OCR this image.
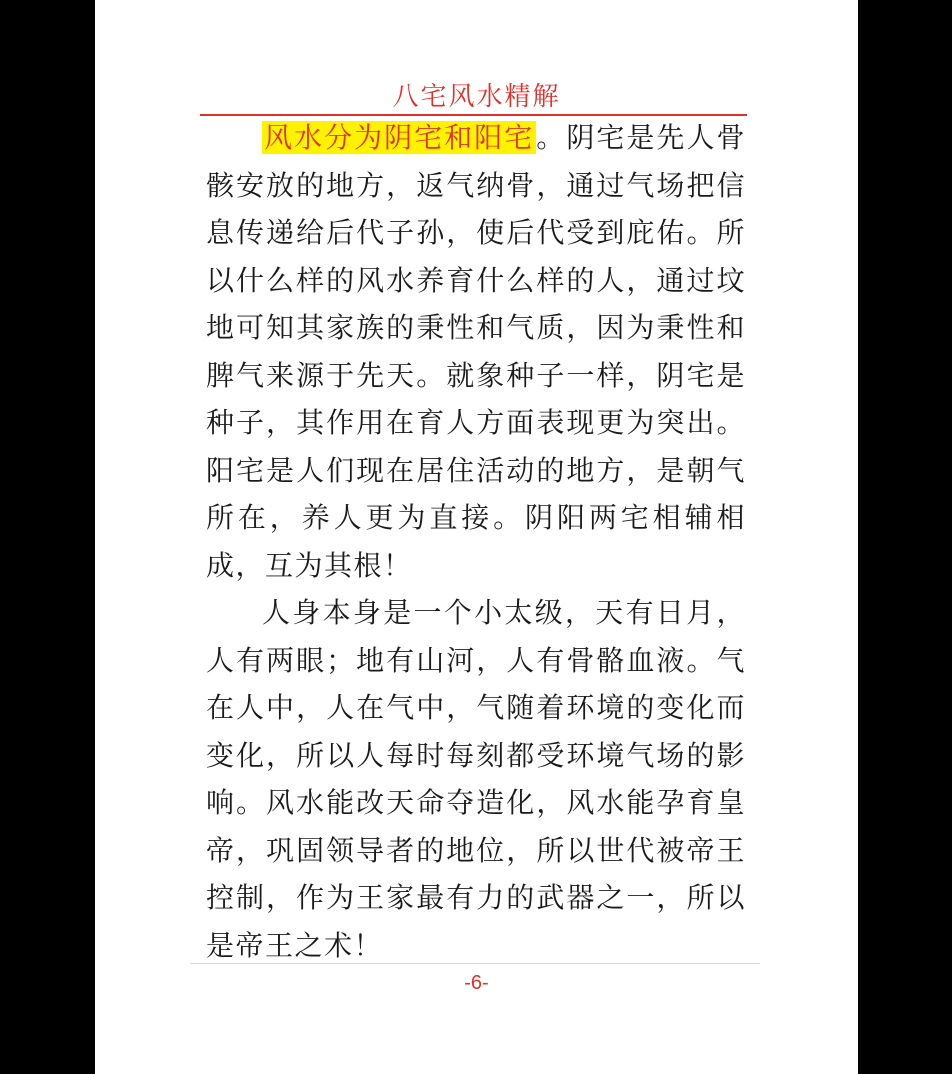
八宅风水精解

风水分为阴宅和阳宅。阴宅是先人骨骸安放的地方，返气纳骨，通过气场把信息传递给后代子孙，使后代受到庇佑。所以什么样的风水养育什么样的人，通过坟地可知其家族的秉性和气质，因为秉性和脾气来源于先天。就象种子一样，阴宅是种子，其作用在育人方面表现更为突出。阳宅是人们现在居住活动的地方，是朝气所在，养人更为直接。阴阳两宅相辅相成，互为其根！

人身本身是一个小太级，天有日月，人有两眼；地有山河，人有骨骼血液。气在人中，人在气中，气随着环境的变化而变化，所以人每时每刻都受环境气场的影响。风水能改天命夺造化，风水能孕育皇帝，巩固领导者的地位，所以世代被帝王控制，作为王家最有力的武器之一，所以是帝王之术！

-6-
